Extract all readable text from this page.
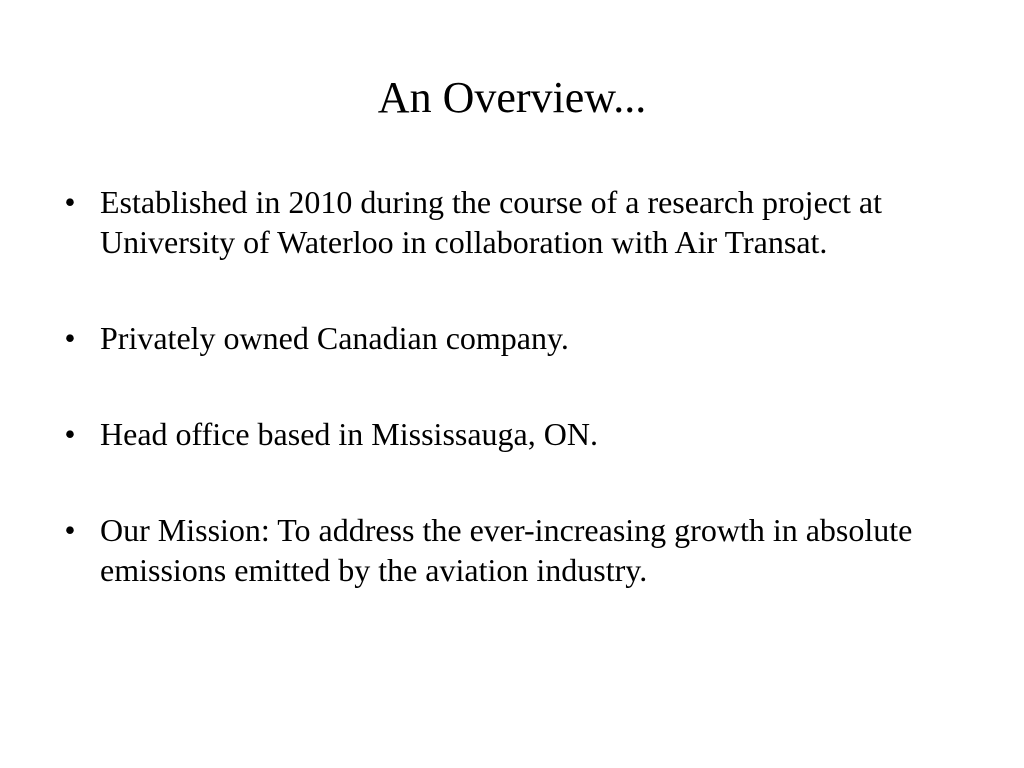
An Overview...
• Established in 2010 during the course of a research project at University of Waterloo in collaboration with Air Transat.
• Privately owned Canadian company.
• Head office based in Mississauga, ON.
• Our Mission: To address the ever-increasing growth in absolute emissions emitted by the aviation industry.
